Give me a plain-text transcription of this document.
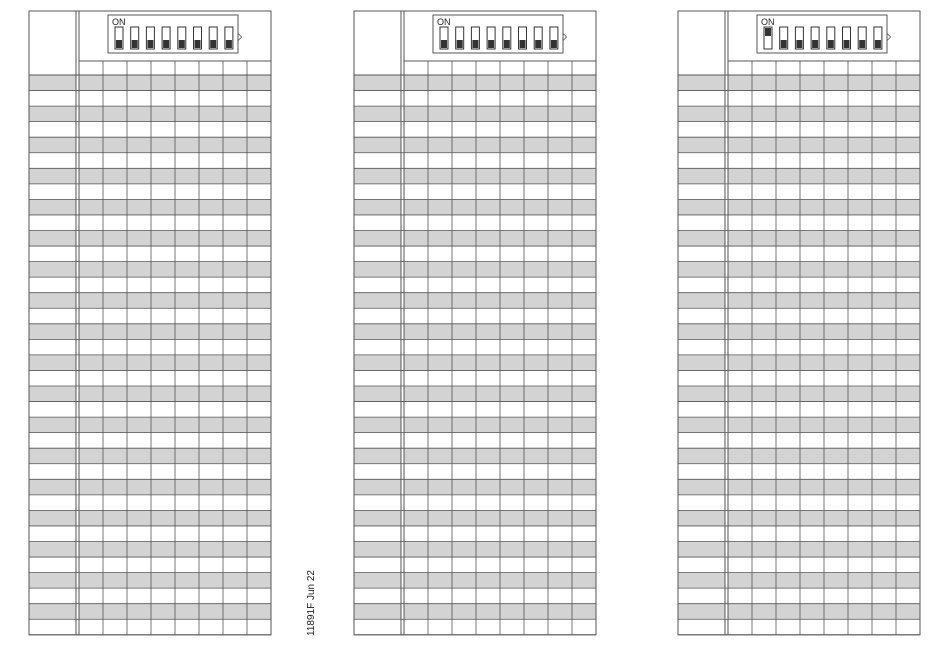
ON	ON	ON
11891F Jun 22
